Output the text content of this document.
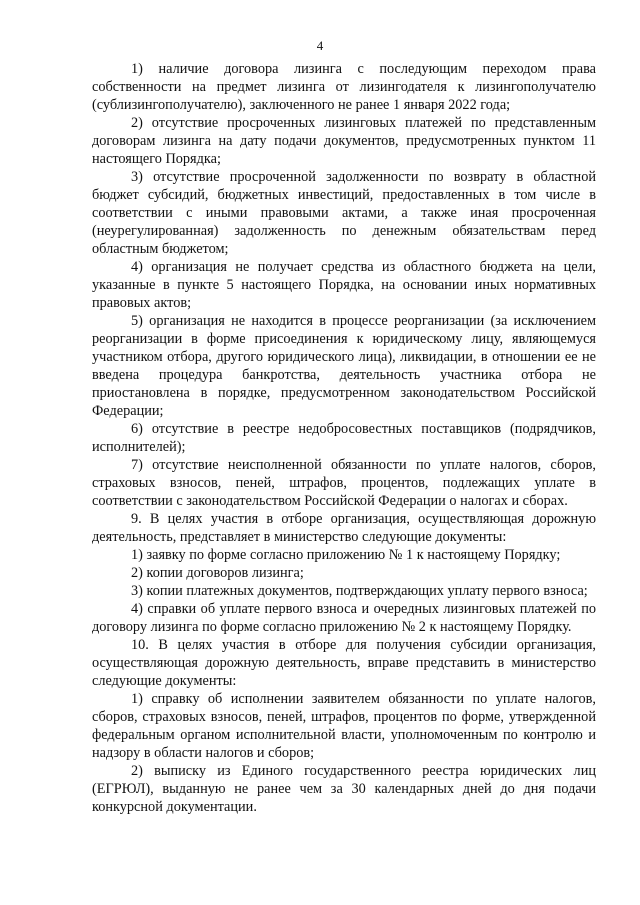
4

1) наличие договора лизинга с последующим переходом права собственности на предмет лизинга от лизингодателя к лизингополучателю (сублизингополучателю), заключенного не ранее 1 января 2022 года;

2) отсутствие просроченных лизинговых платежей по представленным договорам лизинга на дату подачи документов, предусмотренных пунктом 11 настоящего Порядка;

3) отсутствие просроченной задолженности по возврату в областной бюджет субсидий, бюджетных инвестиций, предоставленных в том числе в соответствии с иными правовыми актами, а также иная просроченная (неурегулированная) задолженность по денежным обязательствам перед областным бюджетом;

4) организация не получает средства из областного бюджета на цели, указанные в пункте 5 настоящего Порядка, на основании иных нормативных правовых актов;

5) организация не находится в процессе реорганизации (за исключением реорганизации в форме присоединения к юридическому лицу, являющемуся участником отбора, другого юридического лица), ликвидации, в отношении ее не введена процедура банкротства, деятельность участника отбора не приостановлена в порядке, предусмотренном законодательством Российской Федерации;

6) отсутствие в реестре недобросовестных поставщиков (подрядчиков, исполнителей);

7) отсутствие неисполненной обязанности по уплате налогов, сборов, страховых взносов, пеней, штрафов, процентов, подлежащих уплате в соответствии с законодательством Российской Федерации о налогах и сборах.

9. В целях участия в отборе организация, осуществляющая дорожную деятельность, представляет в министерство следующие документы:

1) заявку по форме согласно приложению № 1 к настоящему Порядку;

2) копии договоров лизинга;

3) копии платежных документов, подтверждающих уплату первого взноса;

4) справки об уплате первого взноса и очередных лизинговых платежей по договору лизинга по форме согласно приложению № 2 к настоящему Порядку.

10. В целях участия в отборе для получения субсидии организация, осуществляющая дорожную деятельность, вправе представить в министерство следующие документы:

1) справку об исполнении заявителем обязанности по уплате налогов, сборов, страховых взносов, пеней, штрафов, процентов по форме, утвержденной федеральным органом исполнительной власти, уполномоченным по контролю и надзору в области налогов и сборов;

2) выписку из Единого государственного реестра юридических лиц (ЕГРЮЛ), выданную не ранее чем за 30 календарных дней до дня подачи конкурсной документации.
